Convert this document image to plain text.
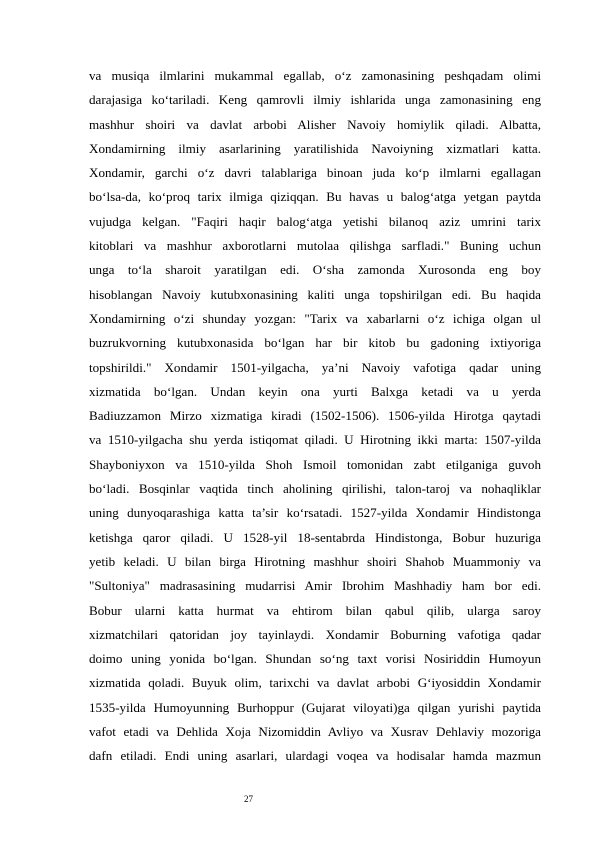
va musiqa ilmlarini mukammal egallab, o‘z zamonasining peshqadam olimi
darajasiga ko‘tariladi. Keng qamrovli ilmiy ishlarida unga zamonasining eng
mashhur shoiri va davlat arbobi Alisher Navoiy homiylik qiladi. Albatta,
Xondamirning ilmiy asarlarining yaratilishida Navoiyning xizmatlari katta.
Xondamir, garchi o‘z davri talablariga binoan juda ko‘p ilmlarni egallagan
bo‘lsa-da, ko‘proq tarix ilmiga qiziqqan. Bu havas u balog‘atga yetgan paytda
vujudga kelgan. "Faqiri haqir balog‘atga yetishi bilanoq aziz umrini tarix
kitoblari va mashhur axborotlarni mutolaa qilishga sarfladi." Buning uchun
unga to‘la sharoit yaratilgan edi. O‘sha zamonda Xurosonda eng boy
hisoblangan Navoiy kutubxonasining kaliti unga topshirilgan edi. Bu haqida
Xondamirning o‘zi shunday yozgan: "Tarix va xabarlarni o‘z ichiga olgan ul
buzrukvorning kutubxonasida bo‘lgan har bir kitob bu gadoning ixtiyoriga
topshirildi." Xondamir 1501-yilgacha, ya’ni Navoiy vafotiga qadar uning
xizmatida bo‘lgan. Undan keyin ona yurti Balxga ketadi va u yerda
Badiuzzamon Mirzo xizmatiga kiradi (1502-1506). 1506-yilda Hirotga qaytadi
va 1510-yilgacha shu yerda istiqomat qiladi. U Hirotning ikki marta: 1507-yilda
Shayboniyxon va 1510-yilda Shoh Ismoil tomonidan zabt etilganiga guvoh
bo‘ladi. Bosqinlar vaqtida tinch aholining qirilishi, talon-taroj va nohaqliklar
uning dunyoqarashiga katta ta’sir ko‘rsatadi. 1527-yilda Xondamir Hindistonga
ketishga qaror qiladi. U 1528-yil 18-sentabrda Hindistonga, Bobur huzuriga
yetib keladi. U bilan birga Hirotning mashhur shoiri Shahob Muammoniy va
"Sultoniya" madrasasining mudarrisi Amir Ibrohim Mashhadiy ham bor edi.
Bobur ularni katta hurmat va ehtirom bilan qabul qilib, ularga saroy
xizmatchilari qatoridan joy tayinlaydi. Xondamir Boburning vafotiga qadar
doimo uning yonida bo‘lgan. Shundan so‘ng taxt vorisi Nosiriddin Humoyun
xizmatida qoladi. Buyuk olim, tarixchi va davlat arbobi G‘iyosiddin Xondamir
1535-yilda Humoyunning Burhoppur (Gujarat viloyati)ga qilgan yurishi paytida
vafot etadi va Dehlida Xoja Nizomiddin Avliyo va Xusrav Dehlaviy mozoriga
dafn etiladi. Endi uning asarlari, ulardagi voqea va hodisalar hamda mazmun
27
